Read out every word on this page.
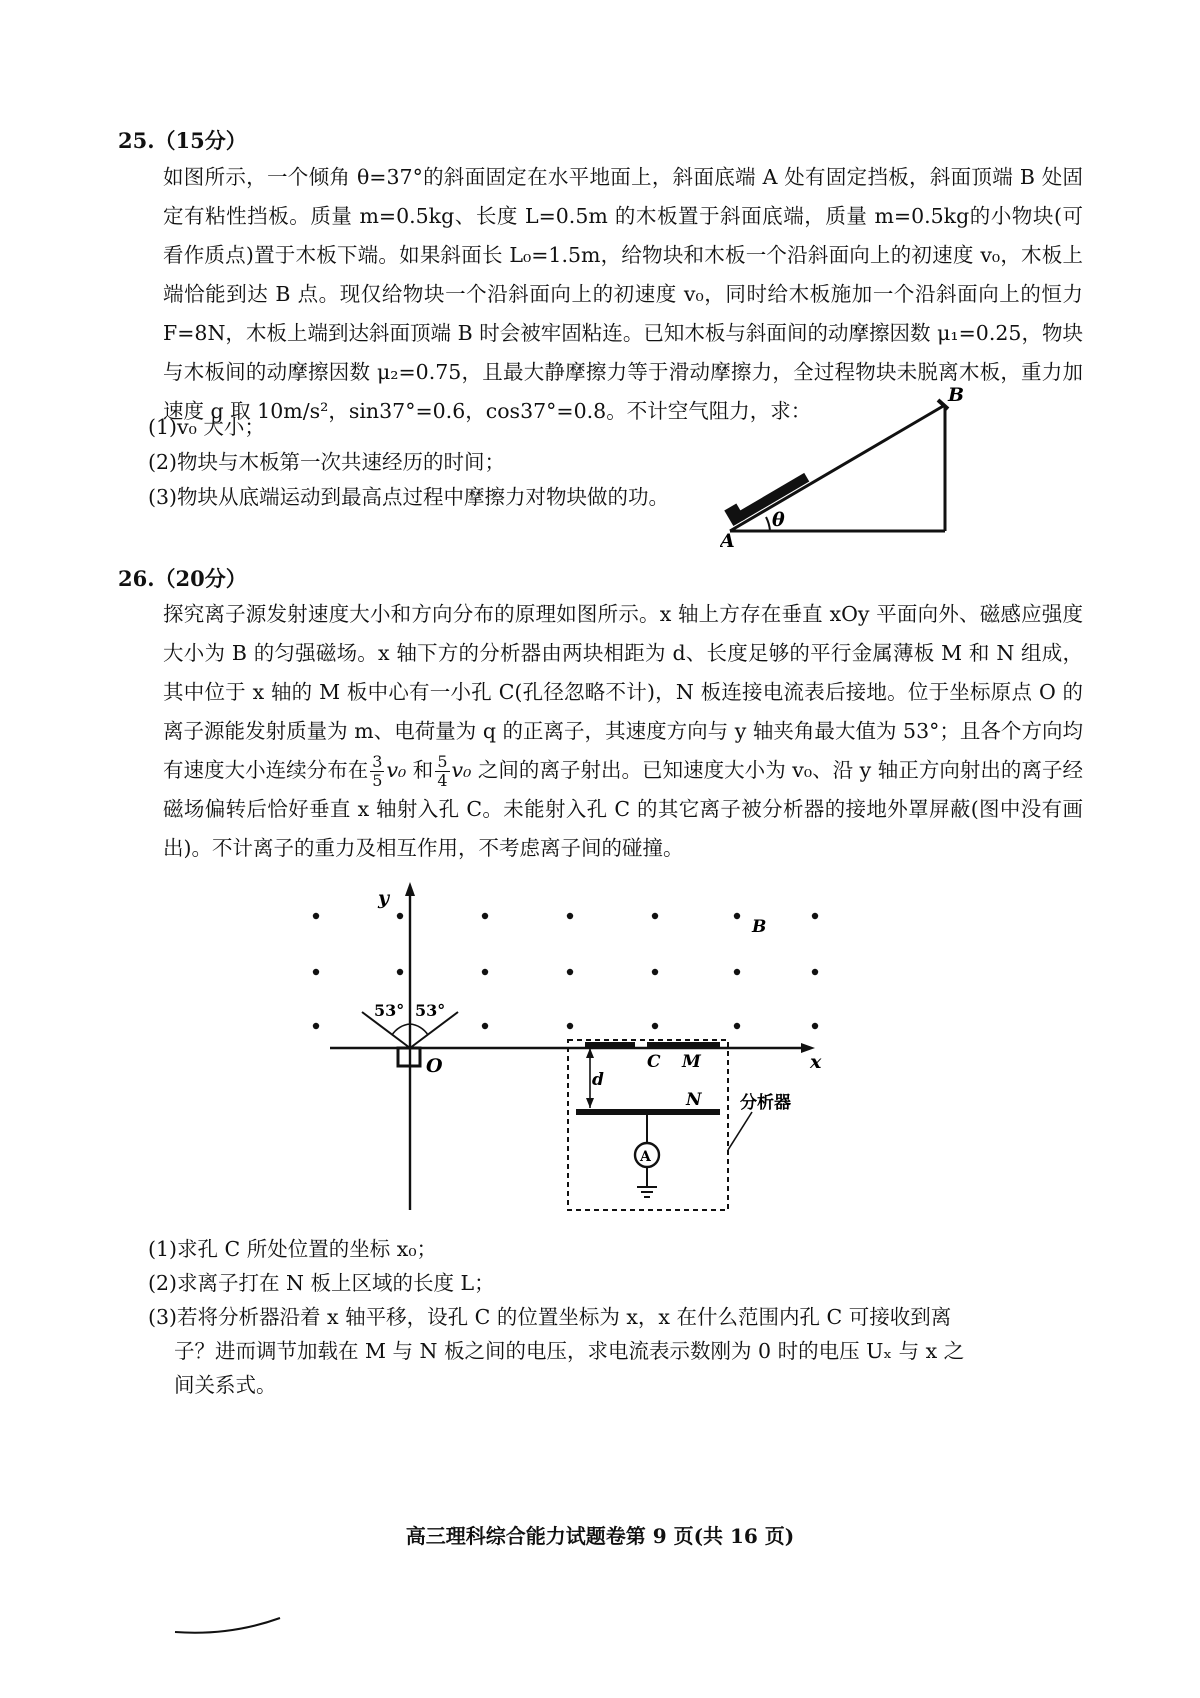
25.（15分）

如图所示，一个倾角 θ=37°的斜面固定在水平地面上，斜面底端 A 处有固定挡板，斜面顶端 B 处固定有粘性挡板。质量 m=0.5kg、长度 L=0.5m 的木板置于斜面底端，质量 m=0.5kg的小物块(可看作质点)置于木板下端。如果斜面长 L₀=1.5m，给物块和木板一个沿斜面向上的初速度 v₀，木板上端恰能到达 B 点。现仅给物块一个沿斜面向上的初速度 v₀，同时给木板施加一个沿斜面向上的恒力 F=8N，木板上端到达斜面顶端 B 时会被牢固粘连。已知木板与斜面间的动摩擦因数 μ₁=0.25，物块与木板间的动摩擦因数 μ₂=0.75，且最大静摩擦力等于滑动摩擦力，全过程物块未脱离木板，重力加速度 g 取 10m/s²，sin37°=0.6，cos37°=0.8。不计空气阻力，求：

(1)v₀ 大小；
(2)物块与木板第一次共速经历的时间；
(3)物块从底端运动到最高点过程中摩擦力对物块做的功。
θ
A
B
26.（20分）

探究离子源发射速度大小和方向分布的原理如图所示。x 轴上方存在垂直 xOy 平面向外、磁感应强度大小为 B 的匀强磁场。x 轴下方的分析器由两块相距为 d、长度足够的平行金属薄板 M 和 N 组成，其中位于 x 轴的 M 板中心有一小孔 C(孔径忽略不计)，N 板连接电流表后接地。位于坐标原点 O 的离子源能发射质量为 m、电荷量为 q 的正离子，其速度方向与 y 轴夹角最大值为 53°；且各个方向均有速度大小连续分布在 $\frac{3}{5} v_0$ 和 $\frac{5}{4} v_0$ 之间的离子射出。已知速度大小为 v₀、沿 y 轴正方向射出的离子经磁场偏转后恰好垂直 x 轴射入孔 C。未能射入孔 C 的其它离子被分析器的接地外罩屏蔽(图中没有画出)。不计离子的重力及相互作用，不考虑离子间的碰撞。

y
x
B
53° 53°
O	C M
N
d
A
分析器
(1)求孔 C 所处位置的坐标 x₀；
(2)求离子打在 N 板上区域的长度 L；
(3)若将分析器沿着 x 轴平移，设孔 C 的位置坐标为 x，x 在什么范围内孔 C 可接收到离
子？进而调节加载在 M 与 N 板之间的电压，求电流表示数刚为 0 时的电压 Uₓ 与 x 之
间关系式。
高三理科综合能力试题卷第 9 页(共 16 页)
